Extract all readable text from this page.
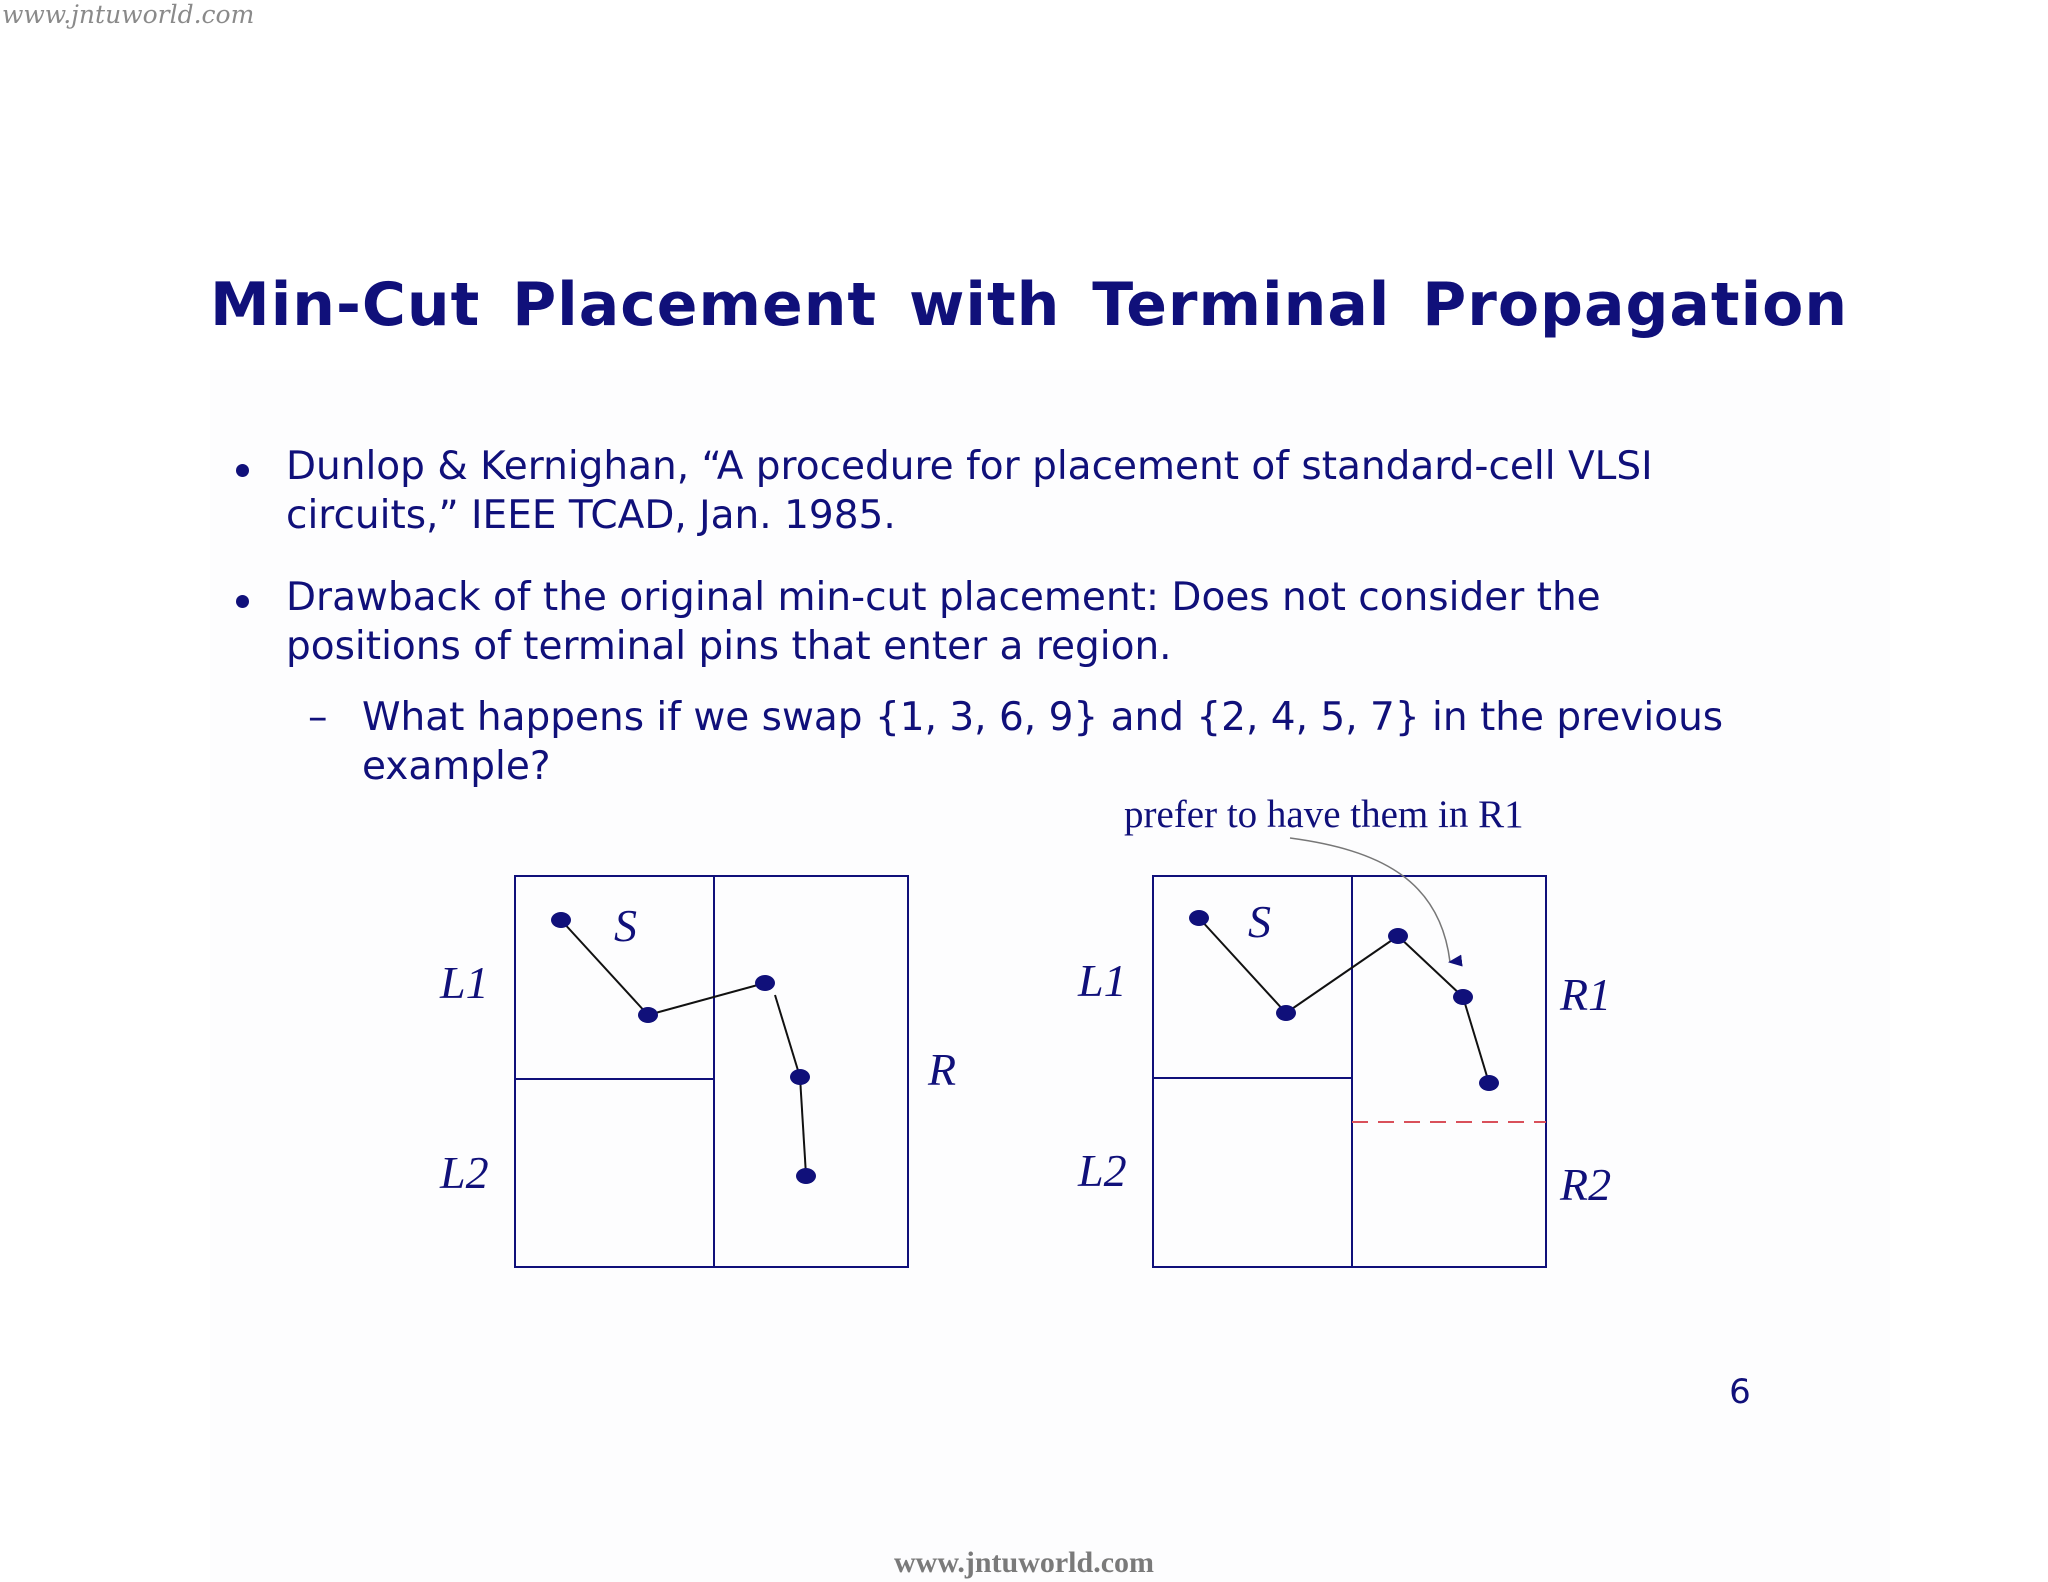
www.jntuworld.com
Min-Cut Placement with Terminal Propagation
Dunlop & Kernighan, “A procedure for placement of standard-cell VLSI
circuits,” IEEE TCAD, Jan. 1985.
Drawback of the original min-cut placement: Does not consider the
positions of terminal pins that enter a region.
– What happens if we swap {1, 3, 6, 9} and {2, 4, 5, 7} in the previous
example?
prefer to have them in R1
S
L1
L2
R
S
L1
L2
R1
R2
6
www.jntuworld.com
